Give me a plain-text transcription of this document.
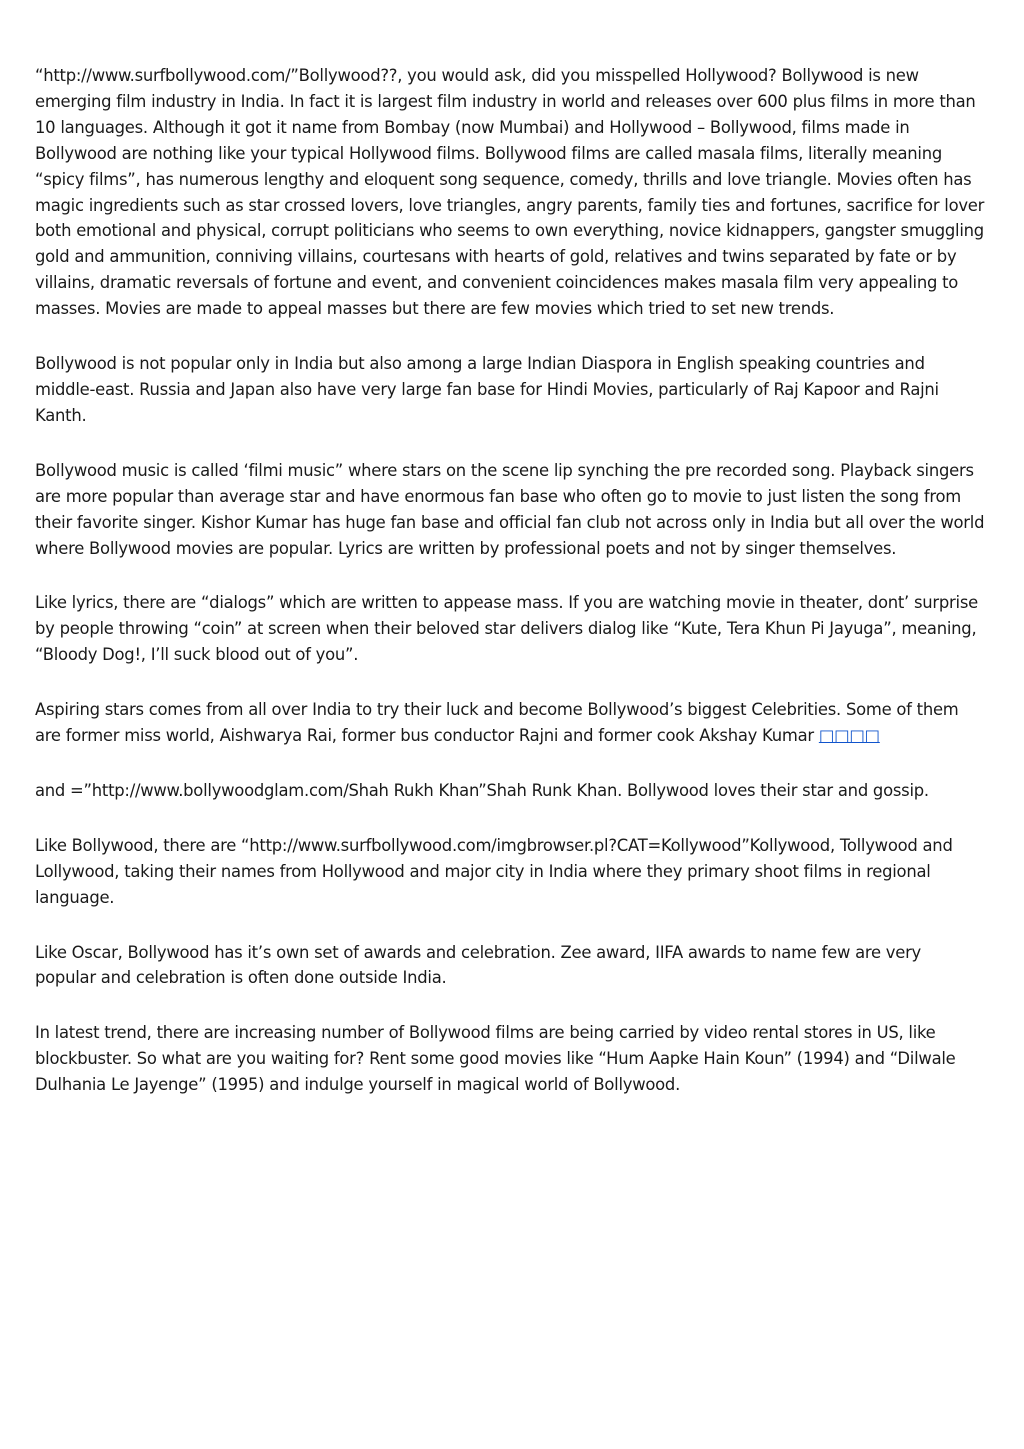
“http://www.surfbollywood.com/”Bollywood??, you would ask, did you misspelled Hollywood? Bollywood is new emerging film industry in India. In fact it is largest film industry in world and releases over 600 plus films in more than 10 languages. Although it got it name from Bombay (now Mumbai) and Hollywood – Bollywood, films made in Bollywood are nothing like your typical Hollywood films. Bollywood films are called masala films, literally meaning “spicy films”, has numerous lengthy and eloquent song sequence, comedy, thrills and love triangle. Movies often has magic ingredients such as star crossed lovers, love triangles, angry parents, family ties and fortunes, sacrifice for lover both emotional and physical, corrupt politicians who seems to own everything, novice kidnappers, gangster smuggling gold and ammunition, conniving villains, courtesans with hearts of gold, relatives and twins separated by fate or by villains, dramatic reversals of fortune and event, and convenient coincidences makes masala film very appealing to masses. Movies are made to appeal masses but there are few movies which tried to set new trends.

Bollywood is not popular only in India but also among a large Indian Diaspora in English speaking countries and middle-east. Russia and Japan also have very large fan base for Hindi Movies, particularly of Raj Kapoor and Rajni Kanth.

Bollywood music is called ‘filmi music” where stars on the scene lip synching the pre recorded song. Playback singers are more popular than average star and have enormous fan base who often go to movie to just listen the song from their favorite singer. Kishor Kumar has huge fan base and official fan club not across only in India but all over the world where Bollywood movies are popular. Lyrics are written by professional poets and not by singer themselves.

Like lyrics, there are “dialogs” which are written to appease mass. If you are watching movie in theater, dont’ surprise by people throwing “coin” at screen when their beloved star delivers dialog like “Kute, Tera Khun Pi Jayuga”, meaning, “Bloody Dog!, I’ll suck blood out of you”.

Aspiring stars comes from all over India to try their luck and become Bollywood’s biggest Celebrities. Some of them are former miss world, Aishwarya Rai, former bus conductor Rajni and former cook Akshay Kumar □□□□

and =”http://www.bollywoodglam.com/Shah Rukh Khan”Shah Runk Khan. Bollywood loves their star and gossip.

Like Bollywood, there are “http://www.surfbollywood.com/imgbrowser.pl?CAT=Kollywood”Kollywood, Tollywood and Lollywood, taking their names from Hollywood and major city in India where they primary shoot films in regional language.

Like Oscar, Bollywood has it’s own set of awards and celebration. Zee award, IIFA awards to name few are very popular and celebration is often done outside India.

In latest trend, there are increasing number of Bollywood films are being carried by video rental stores in US, like blockbuster. So what are you waiting for? Rent some good movies like “Hum Aapke Hain Koun” (1994) and “Dilwale Dulhania Le Jayenge” (1995) and indulge yourself in magical world of Bollywood.
